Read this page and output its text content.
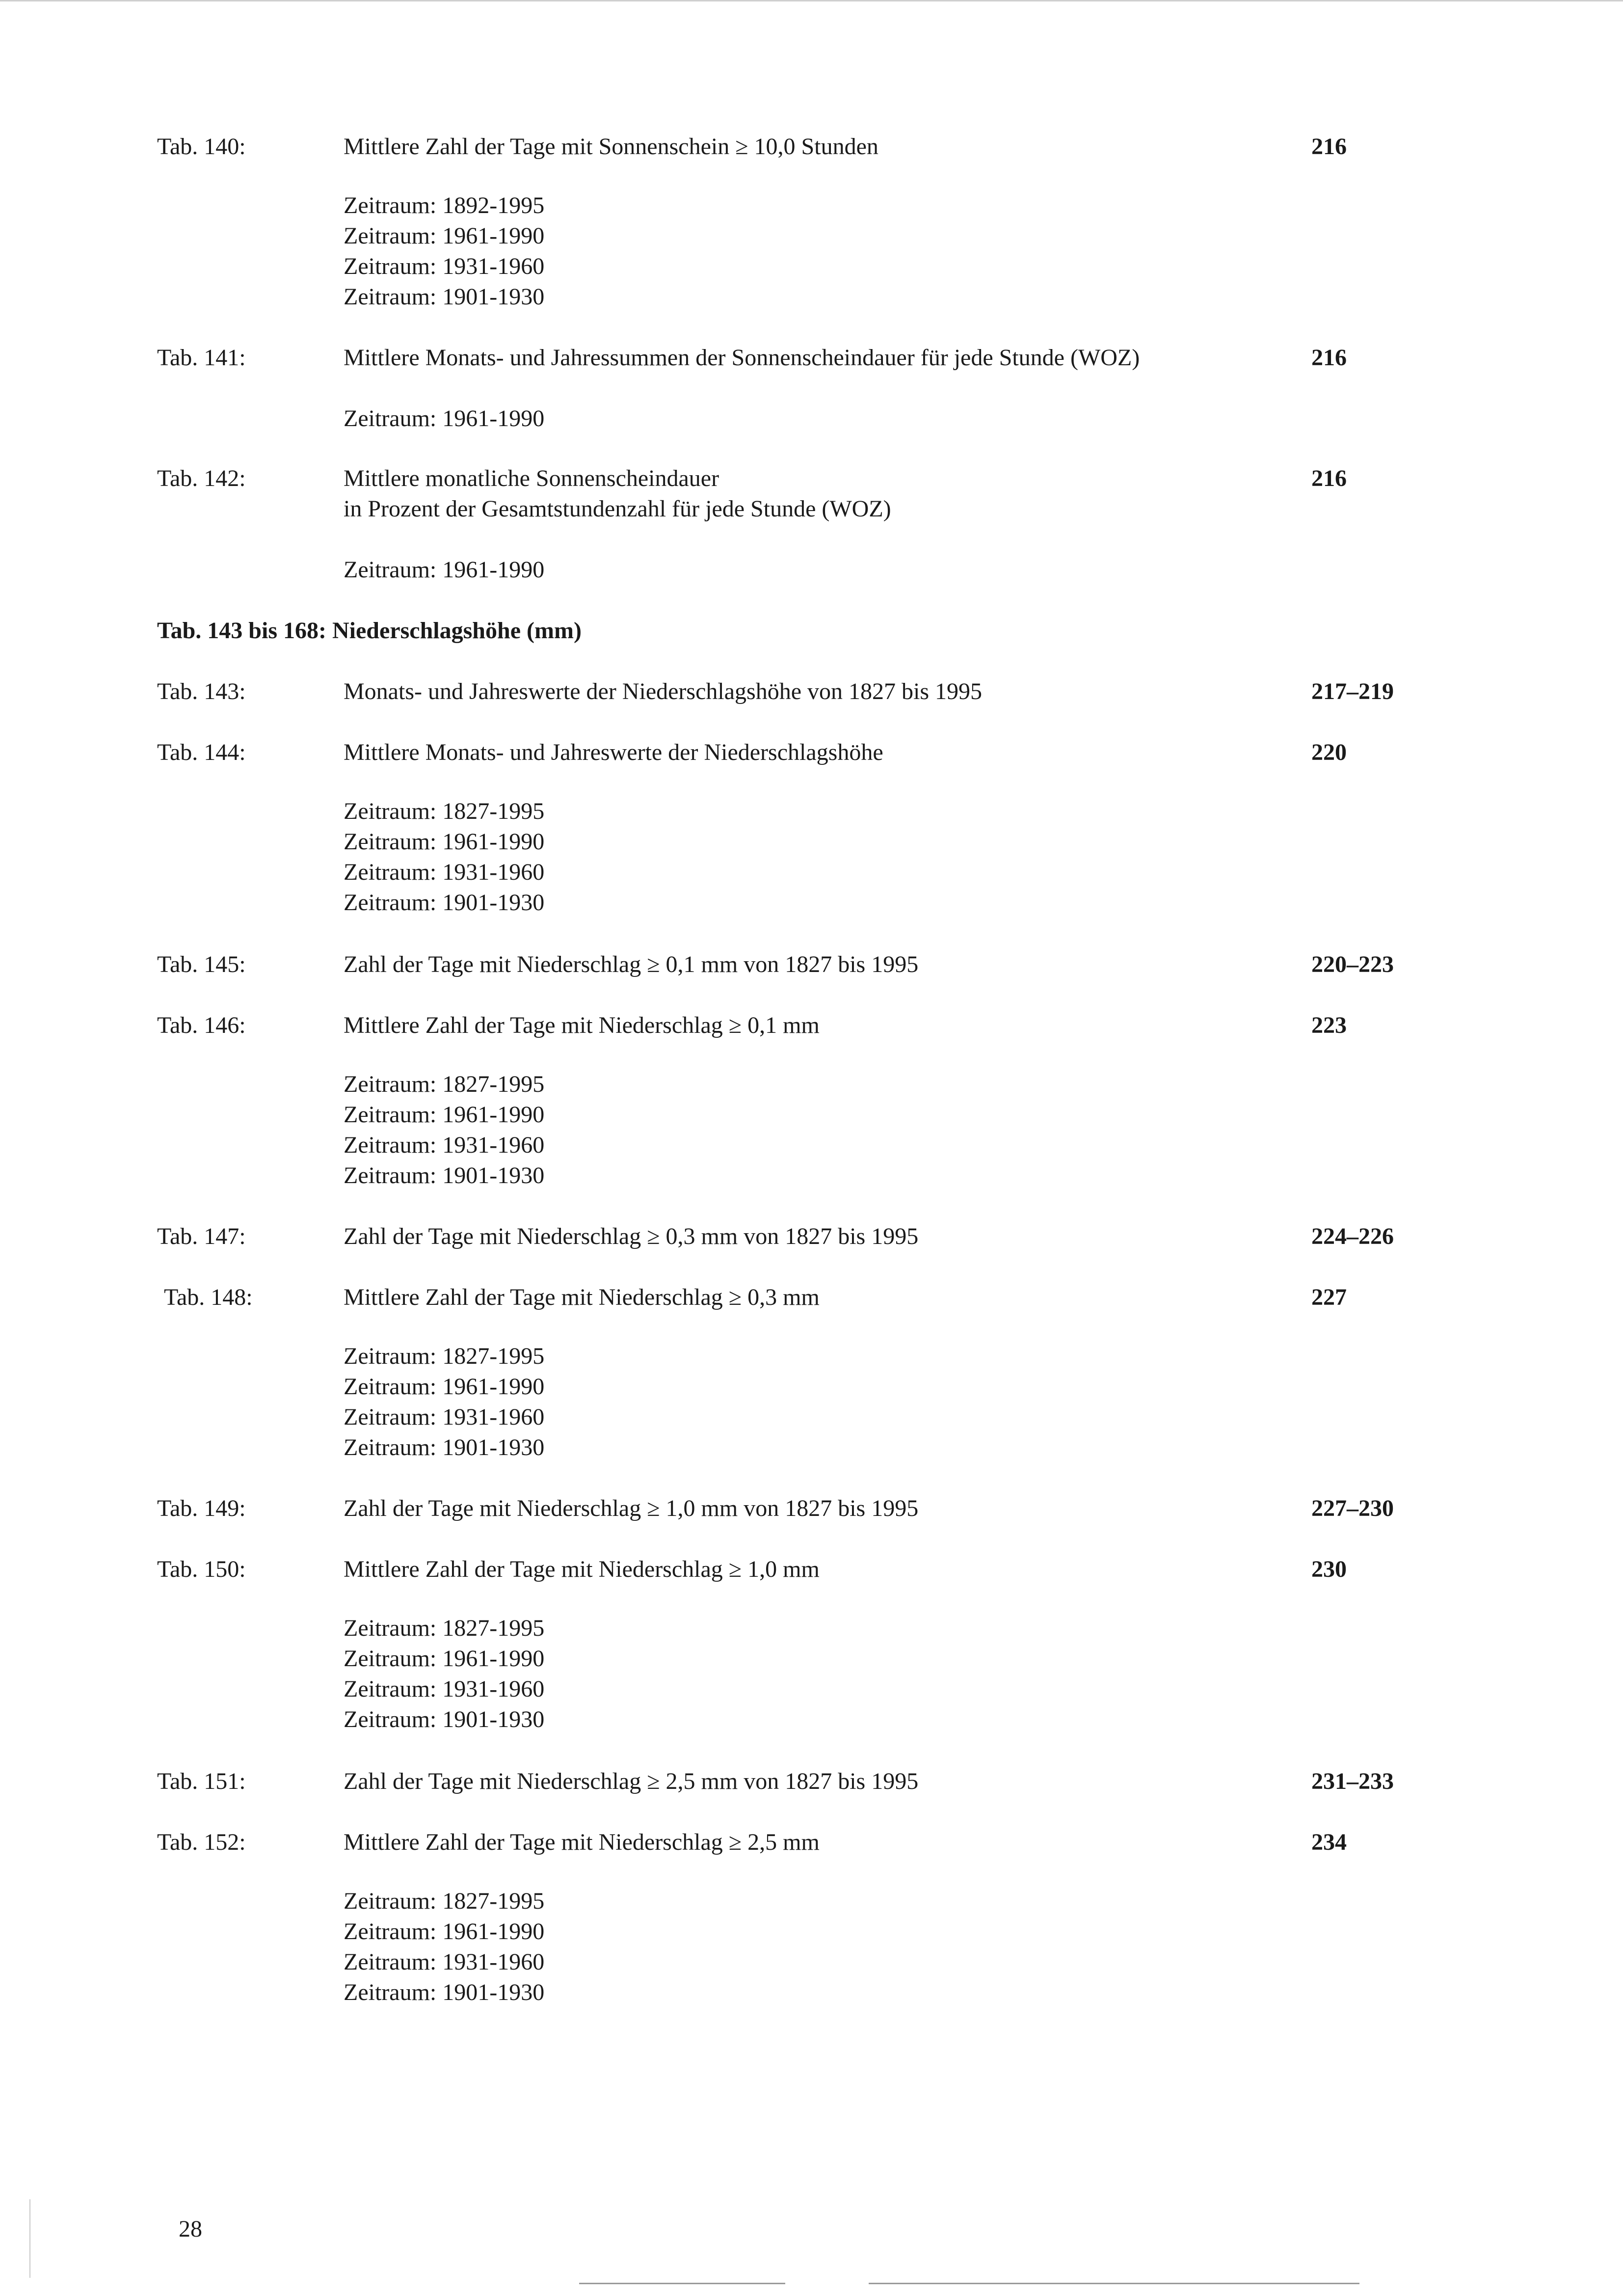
Tab. 140:	Mittlere Zahl der Tage mit Sonnenschein ≥ 10,0 Stunden	216
Zeitraum: 1892-1995
Zeitraum: 1961-1990
Zeitraum: 1931-1960
Zeitraum: 1901-1930
Tab. 141:	Mittlere Monats- und Jahressummen der Sonnenscheindauer für jede Stunde (WOZ)	216
Zeitraum: 1961-1990
Tab. 142:	Mittlere monatliche Sonnenscheindauer	216
in Prozent der Gesamtstundenzahl für jede Stunde (WOZ)
Zeitraum: 1961-1990
Tab. 143 bis 168: Niederschlagshöhe (mm)
Tab. 143:	Monats- und Jahreswerte der Niederschlagshöhe von 1827 bis 1995	217–219
Tab. 144:	Mittlere Monats- und Jahreswerte der Niederschlagshöhe	220
Zeitraum: 1827-1995
Zeitraum: 1961-1990
Zeitraum: 1931-1960
Zeitraum: 1901-1930
Tab. 145:	Zahl der Tage mit Niederschlag ≥ 0,1 mm von 1827 bis 1995	220–223
Tab. 146:	Mittlere Zahl der Tage mit Niederschlag ≥ 0,1 mm	223
Zeitraum: 1827-1995
Zeitraum: 1961-1990
Zeitraum: 1931-1960
Zeitraum: 1901-1930
Tab. 147:	Zahl der Tage mit Niederschlag ≥ 0,3 mm von 1827 bis 1995	224–226
Tab. 148:	Mittlere Zahl der Tage mit Niederschlag ≥ 0,3 mm	227
Zeitraum: 1827-1995
Zeitraum: 1961-1990
Zeitraum: 1931-1960
Zeitraum: 1901-1930
Tab. 149:	Zahl der Tage mit Niederschlag ≥ 1,0 mm von 1827 bis 1995	227–230
Tab. 150:	Mittlere Zahl der Tage mit Niederschlag ≥ 1,0 mm	230
Zeitraum: 1827-1995
Zeitraum: 1961-1990
Zeitraum: 1931-1960
Zeitraum: 1901-1930
Tab. 151:	Zahl der Tage mit Niederschlag ≥ 2,5 mm von 1827 bis 1995	231–233
Tab. 152:	Mittlere Zahl der Tage mit Niederschlag ≥ 2,5 mm	234
Zeitraum: 1827-1995
Zeitraum: 1961-1990
Zeitraum: 1931-1960
Zeitraum: 1901-1930
28
